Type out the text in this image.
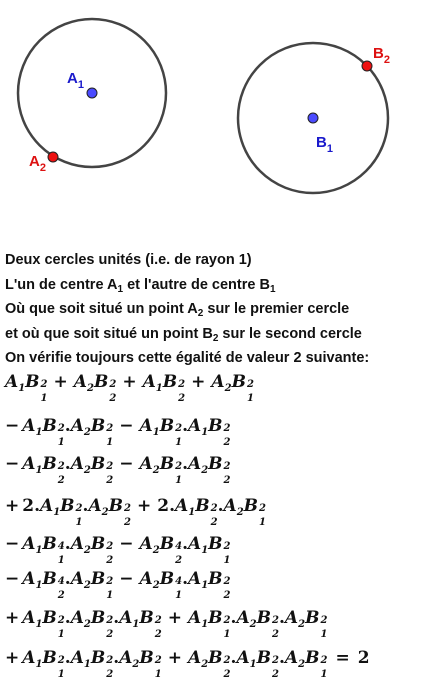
$A_1$
$A_2$
$B_1$
$B_2$
Deux cercles unités (i.e. de rayon 1)
L'un de centre $A_1$ et l'autre de centre $B_1$
Où que soit situé un point $A_2$ sur le premier cercle
et où que soit situé un point $B_2$ sur le second cercle
On vérifie toujours cette égalité de valeur 2 suivante:
$A_1B$ 2
1
+ $A_2B$ 2
2
+ $A_1B$ 2
2
+ $A_2B$ 2
1
− $A_1B$ 2
1
$.A_2B$ 2
1
− $A_1B$ 2
1
$.A_1B$ 2
2
− $A_1B$ 2
2
$.A_2B$ 2
2
− $A_2B$ 2
1
$.A_2B$ 2
2
+ $2.A_1B$ 2
1
$.A_2B$ 2
2
+ $2.A_1B$ 2
2
$.A_2B$ 2
1
− $A_1B$ 4
1
$.A_2B$ 2
2
− $A_2B$ 4
2
$.A_1B$ 2
1
− $A_1B$ 4
2
$.A_2B$ 2
1
− $A_2B$ 4
1
$.A_1B$ 2
2
+ $A_1B$ 2
1
$.A_2B$ 2
2
$.A_1B$ 2
2
+ $A_1B$ 2
1
$.A_2B$ 2
2
$.A_2B$ 2
1
+ $A_1B$ 2
1
$.A_1B$ 2
2
$.A_2B$ 2
1
+ $A_2B$ 2
2
$.A_1B$ 2
2
$.A_2B$ 2
1
= 2
